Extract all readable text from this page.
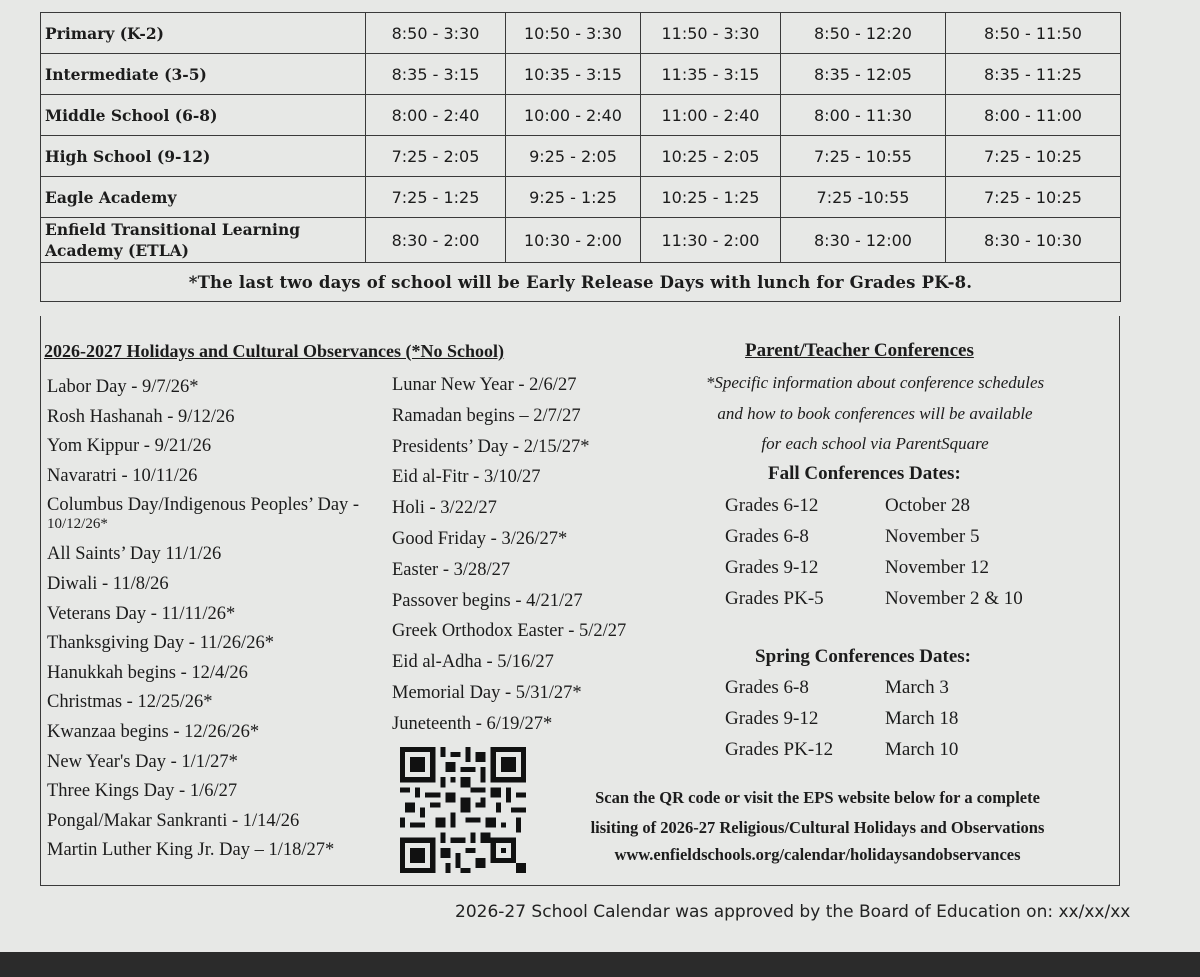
Primary (K-2)	8:50 - 3:30	10:50 - 3:30	11:50 - 3:30	8:50 - 12:20	8:50 - 11:50
Intermediate (3-5)	8:35 - 3:15	10:35 - 3:15	11:35 - 3:15	8:35 - 12:05	8:35 - 11:25
Middle School (6-8)	8:00 - 2:40	10:00 - 2:40	11:00 - 2:40	8:00 - 11:30	8:00 - 11:00
High School (9-12)	7:25 - 2:05	9:25 - 2:05	10:25 - 2:05	7:25 - 10:55	7:25 - 10:25
Eagle Academy	7:25 - 1:25	9:25 - 1:25	10:25 - 1:25	7:25 -10:55	7:25 - 10:25

Enfield Transitional Learning
Academy (ETLA)	8:30 - 2:00	10:30 - 2:00	11:30 - 2:00	8:30 - 12:00	8:30 - 10:30
*The last two days of school will be Early Release Days with lunch for Grades PK-8.					
2026-2027 Holidays and Cultural Observances (*No School)
Labor Day - 9/7/26*
Rosh Hashanah - 9/12/26
Yom Kippur - 9/21/26
Navaratri - 10/11/26
Columbus Day/Indigenous Peoples’ Day -
10/12/26*
All Saints’ Day 11/1/26
Diwali - 11/8/26
Veterans Day - 11/11/26*
Thanksgiving Day - 11/26/26*
Hanukkah begins - 12/4/26
Christmas - 12/25/26*
Kwanzaa begins - 12/26/26*
New Year's Day - 1/1/27*
Three Kings Day - 1/6/27
Pongal/Makar Sankranti - 1/14/26
Martin Luther King Jr. Day – 1/18/27*
Lunar New Year - 2/6/27
Ramadan begins – 2/7/27
Presidents’ Day - 2/15/27*
Eid al-Fitr - 3/10/27
Holi - 3/22/27
Good Friday - 3/26/27*
Easter - 3/28/27
Passover begins - 4/21/27
Greek Orthodox Easter - 5/2/27
Eid al-Adha - 5/16/27
Memorial Day - 5/31/27*
Juneteenth - 6/19/27*
Parent/Teacher Conferences
*Specific information about conference schedules
and how to book conferences will be available
for each school via ParentSquare
Fall Conferences Dates:
Grades 6-12	October 28
Grades 6-8	November 5
Grades 9-12	November 12
Grades PK-5	November 2 & 10
Spring Conferences Dates:
Grades 6-8	March 3
Grades 9-12	March 18
Grades PK-12	March 10
Scan the QR code or visit the EPS website below for a complete
lisiting of 2026-27 Religious/Cultural Holidays and Observations
www.enfieldschools.org/calendar/holidaysandobservances
2026-27 School Calendar was approved by the Board of Education on: xx/xx/xx
